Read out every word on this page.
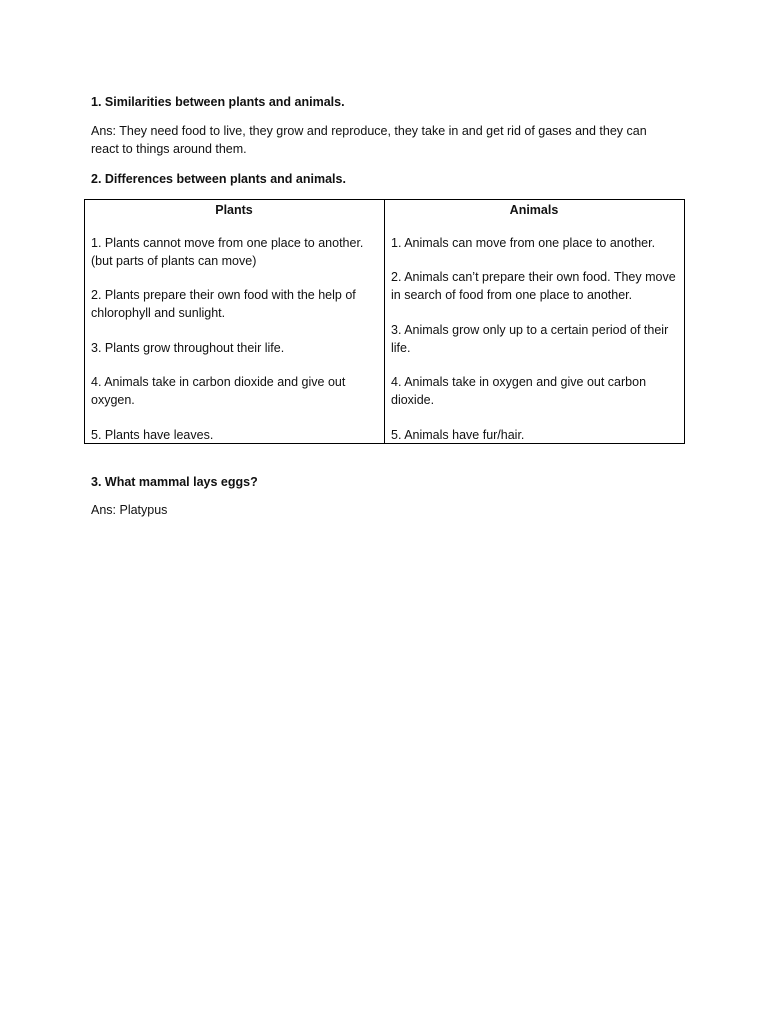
1. Similarities between plants and animals.
Ans: They need food to live, they grow and reproduce, they take in and get rid of gases and they can react to things around them.
2. Differences between plants and animals.
Plants	Animals
1. Plants cannot move from one place to another. (but parts of plants can move)
2. Plants prepare their own food with the help of chlorophyll and sunlight.
3. Plants grow throughout their life.
4. Animals take in carbon dioxide and give out oxygen.
5. Plants have leaves.
1. Animals can move from one place to another.
2. Animals can’t prepare their own food. They move in search of food from one place to another.
3. Animals grow only up to a certain period of their life.
4. Animals take in oxygen and give out carbon dioxide.
5. Animals have fur/hair.
3. What mammal lays eggs?
Ans: Platypus
